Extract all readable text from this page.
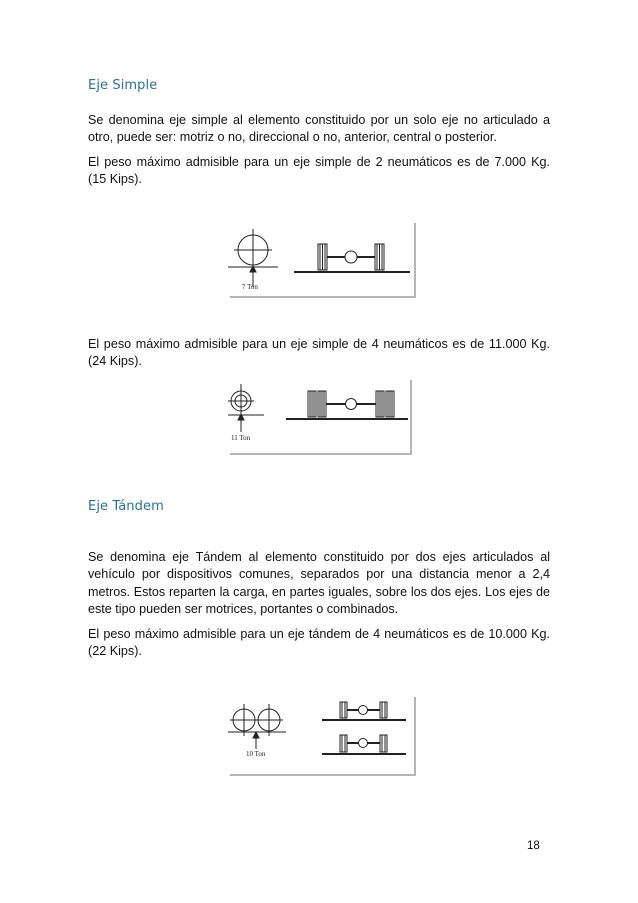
Eje Simple

Se denomina eje simple al elemento constituido por un solo eje no articulado a otro, puede ser: motriz o no, direccional o no, anterior, central o posterior.

El peso máximo admisible para un eje simple de 2 neumáticos es de 7.000 Kg. (15 Kips).

7 Ton

El peso máximo admisible para un eje simple de 4 neumáticos es de 11.000 Kg. (24 Kips).

11 Ton
Eje Tándem

Se denomina eje Tándem al elemento constituido por dos ejes articulados al vehículo por dispositivos comunes, separados por una distancia menor a 2,4 metros. Estos reparten la carga, en partes iguales, sobre los dos ejes. Los ejes de este tipo pueden ser motrices, portantes o combinados.

El peso máximo admisible para un eje tándem de 4 neumáticos es de 10.000 Kg. (22 Kips).

10 Ton
18
